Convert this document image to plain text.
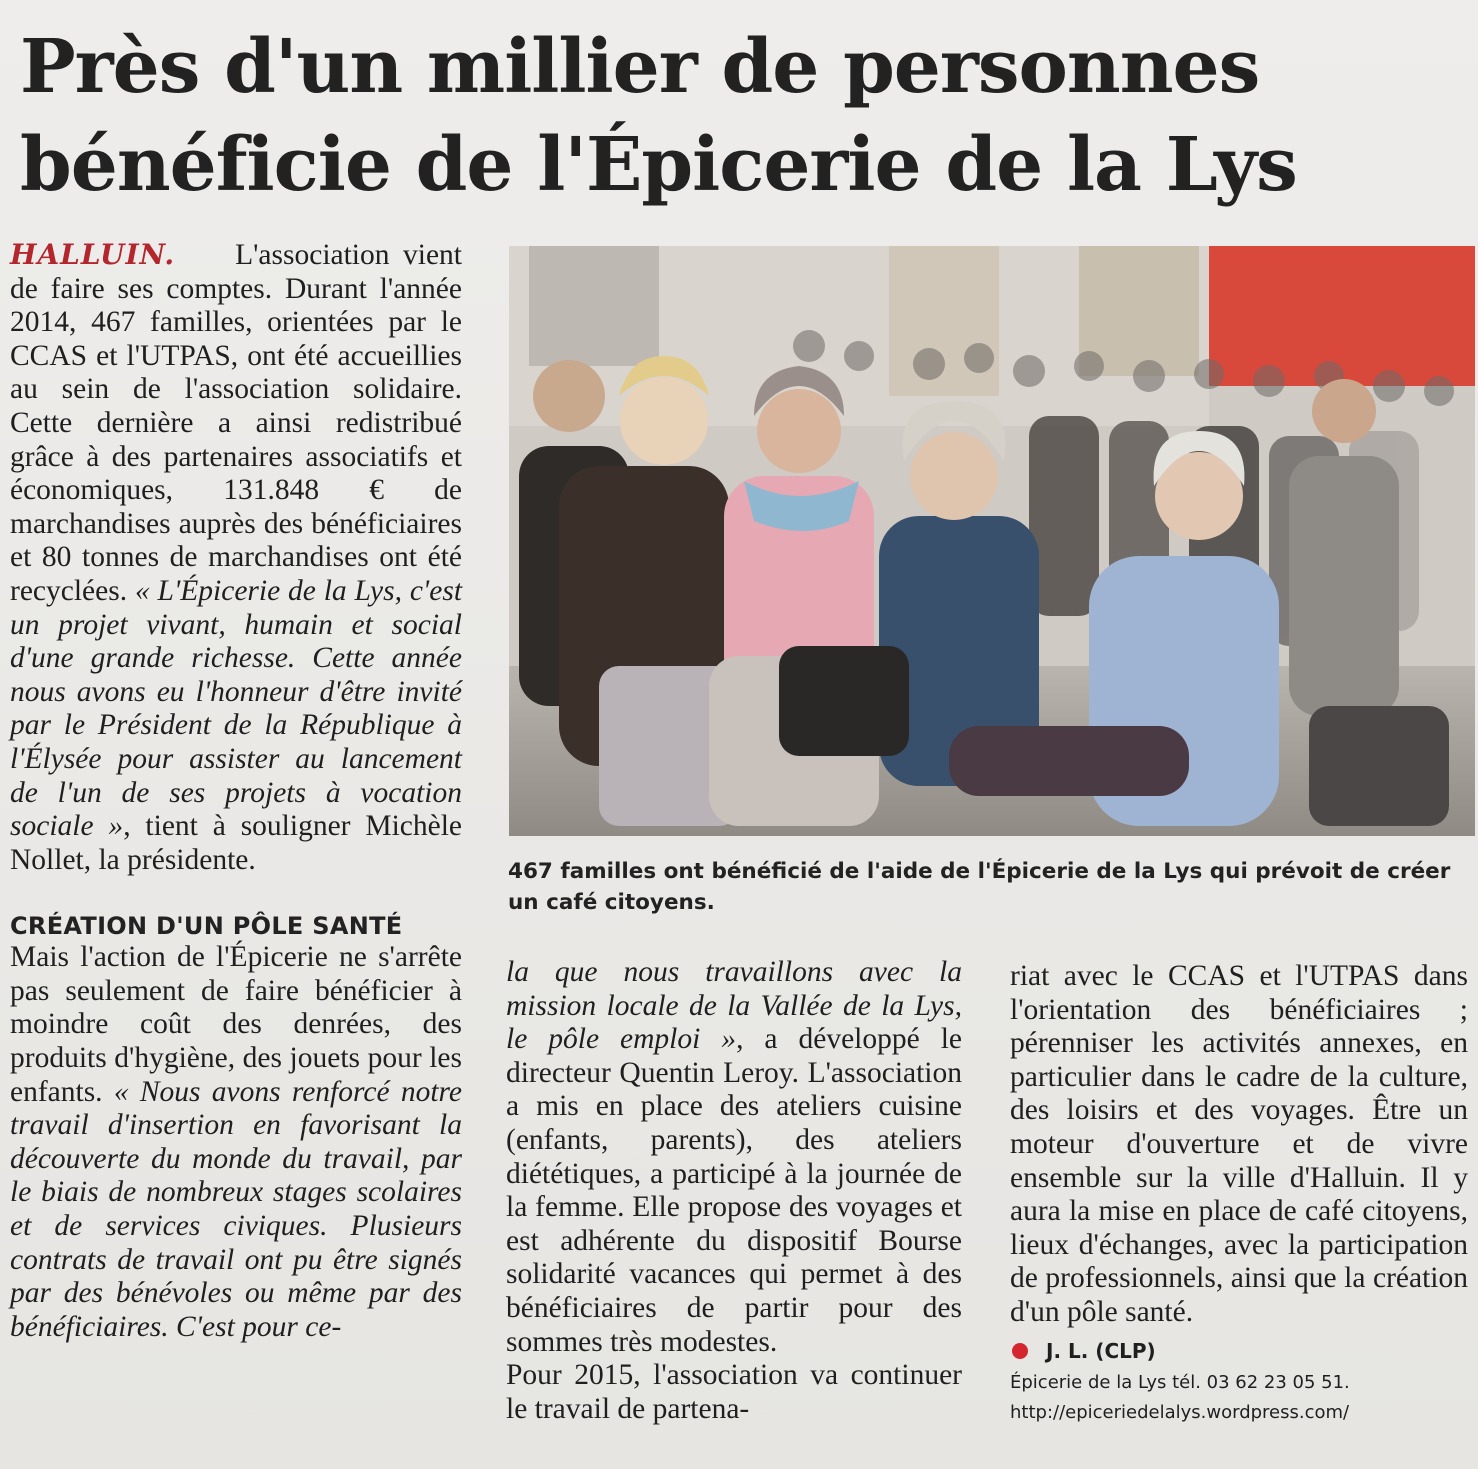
Près d'un millier de personnes
bénéficie de l'Épicerie de la Lys

HALLUIN. L'association vient de faire ses comptes. Durant l'année 2014, 467 familles, orientées par le CCAS et l'UTPAS, ont été accueillies au sein de l'association solidaire. Cette dernière a ainsi redistribué grâce à des partenaires associatifs et économiques, 131.848 € de marchandises auprès des bénéficiaires et 80 tonnes de marchandises ont été recyclées. « L'Épicerie de la Lys, c'est un projet vivant, humain et social d'une grande richesse. Cette année nous avons eu l'honneur d'être invité par le Président de la République à l'Élysée pour assister au lancement de l'un de ses projets à vocation sociale », tient à souligner Michèle Nollet, la présidente.

CRÉATION D'UN PÔLE SANTÉ

Mais l'action de l'Épicerie ne s'arrête pas seulement de faire bénéficier à moindre coût des denrées, des produits d'hygiène, des jouets pour les enfants. « Nous avons renforcé notre travail d'insertion en favorisant la découverte du monde du travail, par le biais de nombreux stages scolaires et de services civiques. Plusieurs contrats de travail ont pu être signés par des bénévoles ou même par des bénéficiaires. C'est pour ce-

467 familles ont bénéficié de l'aide de l'Épicerie de la Lys qui prévoit de créer un café citoyens.

la que nous travaillons avec la mission locale de la Vallée de la Lys, le pôle emploi », a développé le directeur Quentin Leroy. L'association a mis en place des ateliers cuisine (enfants, parents), des ateliers diététiques, a participé à la journée de la femme. Elle propose des voyages et est adhérente du dispositif Bourse solidarité vacances qui permet à des bénéficiaires de partir pour des sommes très modestes.

Pour 2015, l'association va continuer le travail de partena-

riat avec le CCAS et l'UTPAS dans l'orientation des bénéficiaires ; pérenniser les activités annexes, en particulier dans le cadre de la culture, des loisirs et des voyages. Être un moteur d'ouverture et de vivre ensemble sur la ville d'Halluin. Il y aura la mise en place de café citoyens, lieux d'échanges, avec la participation de professionnels, ainsi que la création d'un pôle santé.

J. L. (CLP)
Épicerie de la Lys tél. 03 62 23 05 51. http://epiceriedelalys.wordpress.com/
